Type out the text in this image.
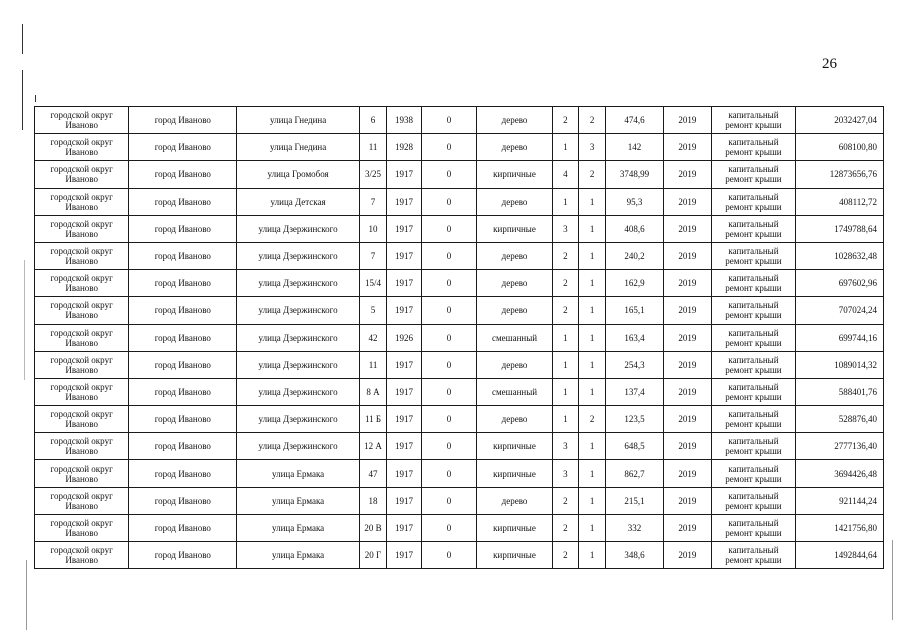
26
городской округ Иваново	город Иваново	улица Гнедина	6	1938	0	дерево	2	2	474,6	2019	капитальный ремонт крыши	2032427,04
городской округ Иваново	город Иваново	улица Гнедина	11	1928	0	дерево	1	3	142	2019	капитальный ремонт крыши	608100,80
городской округ Иваново	город Иваново	улица Громобоя	3/25	1917	0	кирпичные	4	2	3748,99	2019	капитальный ремонт крыши	12873656,76
городской округ Иваново	город Иваново	улица Детская	7	1917	0	дерево	1	1	95,3	2019	капитальный ремонт крыши	408112,72
городской округ Иваново	город Иваново	улица Дзержинского	10	1917	0	кирпичные	3	1	408,6	2019	капитальный ремонт крыши	1749788,64
городской округ Иваново	город Иваново	улица Дзержинского	7	1917	0	дерево	2	1	240,2	2019	капитальный ремонт крыши	1028632,48
городской округ Иваново	город Иваново	улица Дзержинского	15/4	1917	0	дерево	2	1	162,9	2019	капитальный ремонт крыши	697602,96
городской округ Иваново	город Иваново	улица Дзержинского	5	1917	0	дерево	2	1	165,1	2019	капитальный ремонт крыши	707024,24
городской округ Иваново	город Иваново	улица Дзержинского	42	1926	0	смешанный	1	1	163,4	2019	капитальный ремонт крыши	699744,16
городской округ Иваново	город Иваново	улица Дзержинского	11	1917	0	дерево	1	1	254,3	2019	капитальный ремонт крыши	1089014,32
городской округ Иваново	город Иваново	улица Дзержинского	8 А	1917	0	смешанный	1	1	137,4	2019	капитальный ремонт крыши	588401,76
городской округ Иваново	город Иваново	улица Дзержинского	11 Б	1917	0	дерево	1	2	123,5	2019	капитальный ремонт крыши	528876,40
городской округ Иваново	город Иваново	улица Дзержинского	12 А	1917	0	кирпичные	3	1	648,5	2019	капитальный ремонт крыши	2777136,40
городской округ Иваново	город Иваново	улица Ермака	47	1917	0	кирпичные	3	1	862,7	2019	капитальный ремонт крыши	3694426,48
городской округ Иваново	город Иваново	улица Ермака	18	1917	0	дерево	2	1	215,1	2019	капитальный ремонт крыши	921144,24
городской округ Иваново	город Иваново	улица Ермака	20 В	1917	0	кирпичные	2	1	332	2019	капитальный ремонт крыши	1421756,80
городской округ Иваново	город Иваново	улица Ермака	20 Г	1917	0	кирпичные	2	1	348,6	2019	капитальный ремонт крыши	1492844,64
